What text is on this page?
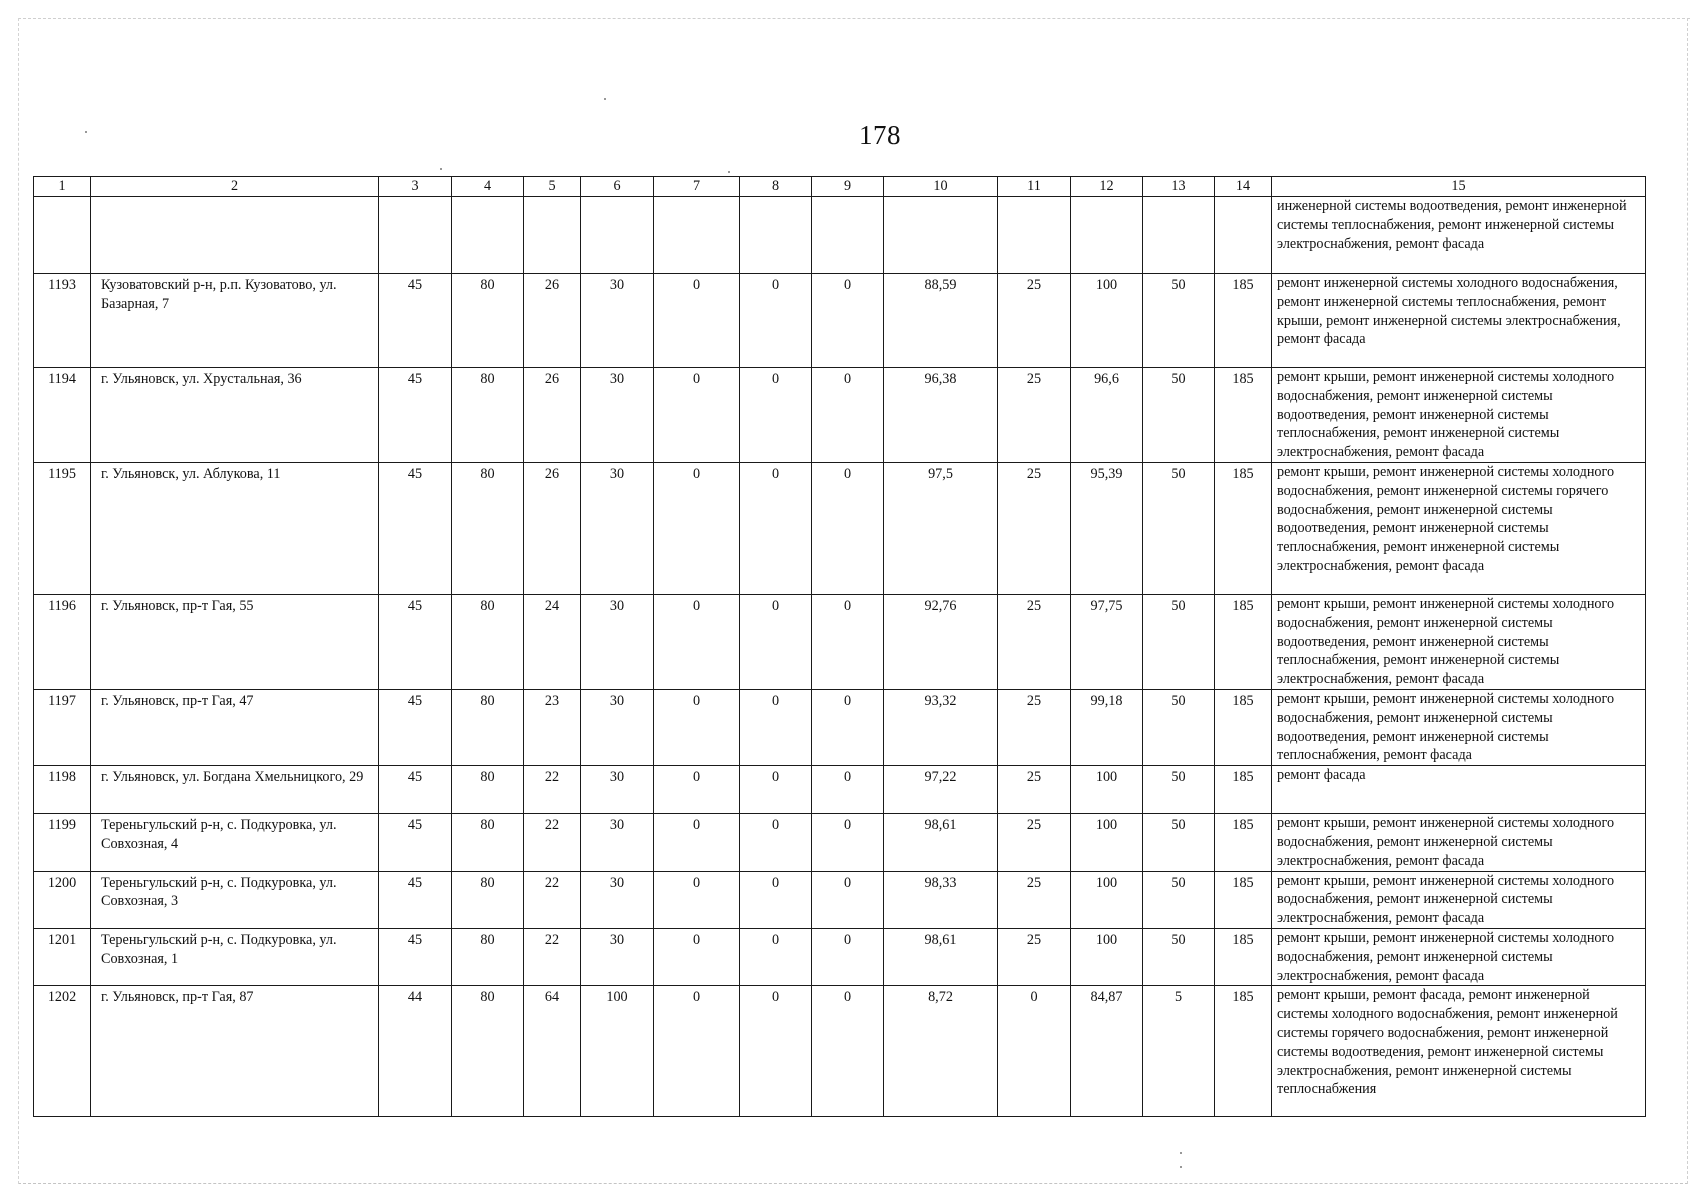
178
1	2	3	4	5	6	7	8	9	10	11	12	13	14	15
														инженерной системы водоотведения, ремонт инженерной системы теплоснабжения, ремонт инженерной системы электроснабжения, ремонт фасада
1193	Кузоватовский р-н, р.п. Кузоватово, ул. Базарная, 7	45	80	26	30	0	0	0	88,59	25	100	50	185	ремонт инженерной системы холодного водоснабжения, ремонт инженерной системы теплоснабжения, ремонт крыши, ремонт инженерной системы электроснабжения, ремонт фасада
1194	г. Ульяновск, ул. Хрустальная, 36	45	80	26	30	0	0	0	96,38	25	96,6	50	185	ремонт крыши, ремонт инженерной системы холодного водоснабжения, ремонт инженерной системы водоотведения, ремонт инженерной системы теплоснабжения, ремонт инженерной системы электроснабжения, ремонт фасада
1195	г. Ульяновск, ул. Аблукова, 11	45	80	26	30	0	0	0	97,5	25	95,39	50	185	ремонт крыши, ремонт инженерной системы холодного водоснабжения, ремонт инженерной системы горячего водоснабжения, ремонт инженерной системы водоотведения, ремонт инженерной системы теплоснабжения, ремонт инженерной системы электроснабжения, ремонт фасада
1196	г. Ульяновск, пр-т Гая, 55	45	80	24	30	0	0	0	92,76	25	97,75	50	185	ремонт крыши, ремонт инженерной системы холодного водоснабжения, ремонт инженерной системы водоотведения, ремонт инженерной системы теплоснабжения, ремонт инженерной системы электроснабжения, ремонт фасада
1197	г. Ульяновск, пр-т Гая, 47	45	80	23	30	0	0	0	93,32	25	99,18	50	185	ремонт крыши, ремонт инженерной системы холодного водоснабжения, ремонт инженерной системы водоотведения, ремонт инженерной системы теплоснабжения, ремонт фасада
1198	г. Ульяновск, ул. Богдана Хмельницкого, 29	45	80	22	30	0	0	0	97,22	25	100	50	185	ремонт фасада
1199	Тереньгульский р-н, с. Подкуровка, ул. Совхозная, 4	45	80	22	30	0	0	0	98,61	25	100	50	185	ремонт крыши, ремонт инженерной системы холодного водоснабжения, ремонт инженерной системы электроснабжения, ремонт фасада
1200	Тереньгульский р-н, с. Подкуровка, ул. Совхозная, 3	45	80	22	30	0	0	0	98,33	25	100	50	185	ремонт крыши, ремонт инженерной системы холодного водоснабжения, ремонт инженерной системы электроснабжения, ремонт фасада
1201	Тереньгульский р-н, с. Подкуровка, ул. Совхозная, 1	45	80	22	30	0	0	0	98,61	25	100	50	185	ремонт крыши, ремонт инженерной системы холодного водоснабжения, ремонт инженерной системы электроснабжения, ремонт фасада
1202	г. Ульяновск, пр-т Гая, 87	44	80	64	100	0	0	0	8,72	0	84,87	5	185	ремонт крыши, ремонт фасада, ремонт инженерной системы холодного водоснабжения, ремонт инженерной системы горячего водоснабжения, ремонт инженерной системы водоотведения, ремонт инженерной системы электроснабжения, ремонт инженерной системы теплоснабжения
